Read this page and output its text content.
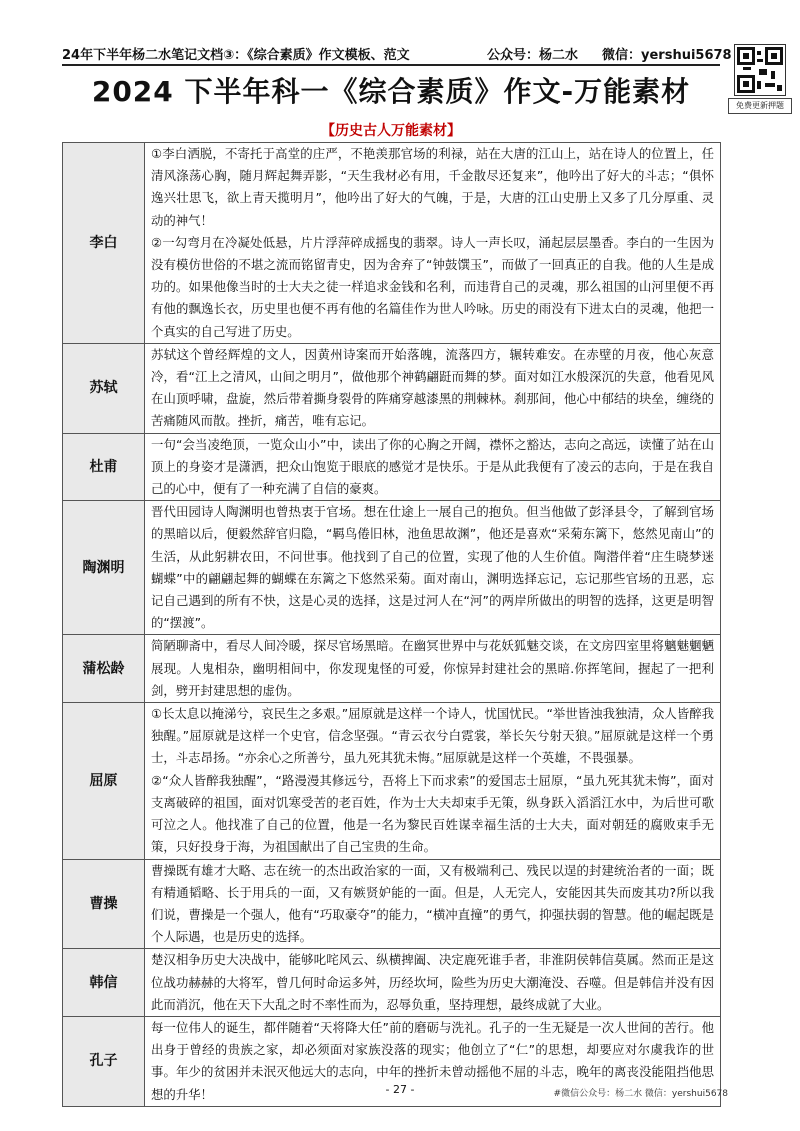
24年下半年杨二水笔记文档③：《综合素质》作文模板、范文	公众号：杨二水 微信：yershui5678
免费更新押题
2024 下半年科一《综合素质》作文-万能素材
【历史古人万能素材】
李白	①李白洒脱，不寄托于高堂的庄严，不艳羡那官场的利禄，站在大唐的江山上，站在诗人的位置上，任清风涤荡心胸，随月辉起舞弄影，“天生我材必有用，千金散尽还复来”，他吟出了好大的斗志；“俱怀逸兴壮思飞，欲上青天揽明月”，他吟出了好大的气魄，于是，大唐的江山史册上又多了几分厚重、灵动的神气！

②一勾弯月在冷凝处低悬，片片浮萍碎成摇曳的翡翠。诗人一声长叹，涌起层层墨香。李白的一生因为没有模仿世俗的不堪之流而铭留青史，因为舍弃了“钟鼓馔玉”，而做了一回真正的自我。他的人生是成功的。如果他像当时的士大夫之徒一样追求金钱和名利，而违背自己的灵魂，那么祖国的山河里便不再有他的飘逸长衣，历史里也便不再有他的名篇佳作为世人吟咏。历史的雨没有下进太白的灵魂，他把一个真实的自己写进了历史。

苏轼	苏轼这个曾经辉煌的文人，因黄州诗案而开始落魄，流落四方，辗转难安。在赤壁的月夜，他心灰意冷，看“江上之清风，山间之明月”，做他那个神鹤翩跹而舞的梦。面对如江水般深沉的失意，他看见风在山顶呼啸，盘旋，然后带着撕身裂骨的阵痛穿越漆黑的荆棘林。刹那间，他心中郁结的块垒，缠绕的苦痛随风而散。挫折，痛苦，唯有忘记。

杜甫	一句“会当凌绝顶，一览众山小”中，读出了你的心胸之开阔，襟怀之豁达，志向之高远，读懂了站在山顶上的身姿才是潇洒，把众山饱览于眼底的感觉才是快乐。于是从此我便有了凌云的志向，于是在我自己的心中，便有了一种充满了自信的豪爽。

陶渊明	晋代田园诗人陶渊明也曾热衷于官场。想在仕途上一展自己的抱负。但当他做了彭泽县令，了解到官场的黑暗以后，便毅然辞官归隐，“羁鸟倦旧林，池鱼思故渊”，他还是喜欢“采菊东篱下，悠然见南山”的生活，从此躬耕农田，不问世事。他找到了自己的位置，实现了他的人生价值。陶潜伴着“庄生晓梦迷蝴蝶”中的翩翩起舞的蝴蝶在东篱之下悠然采菊。面对南山，渊明选择忘记，忘记那些官场的丑恶，忘记自己遇到的所有不快，这是心灵的选择，这是过河人在“河”的两岸所做出的明智的选择，这更是明智的“摆渡”。

蒲松龄	简陋聊斋中，看尽人间冷暖，探尽官场黑暗。在幽冥世界中与花妖狐魅交谈，在文房四室里将魑魅魍魉展现。人鬼相杂，幽明相间中，你发现鬼怪的可爱，你惊异封建社会的黑暗.你挥笔间，握起了一把利剑，劈开封建思想的虚伪。

屈原	①长太息以掩涕兮，哀民生之多艰。”屈原就是这样一个诗人，忧国忧民。“举世皆浊我独清，众人皆醉我独醒。”屈原就是这样一个史官，信念坚强。“青云衣兮白霓裳，举长矢兮射天狼。”屈原就是这样一个勇士，斗志昂扬。“亦余心之所善兮，虽九死其犹未悔。”屈原就是这样一个英雄，不畏强暴。

②“众人皆醉我独醒”，“路漫漫其修远兮，吾将上下而求索”的爱国志士屈原，“虽九死其犹未悔”，面对支离破碎的祖国，面对饥寒受苦的老百姓，作为士大夫却束手无策，纵身跃入滔滔江水中，为后世可歌可泣之人。他找准了自己的位置，他是一名为黎民百姓谋幸福生活的士大夫，面对朝廷的腐败束手无策，只好投身于海，为祖国献出了自己宝贵的生命。

曹操	曹操既有雄才大略、志在统一的杰出政治家的一面，又有极端利己、残民以逞的封建统治者的一面；既有精通韬略、长于用兵的一面，又有嫉贤妒能的一面。但是，人无完人，安能因其失而废其功?所以我们说，曹操是一个强人，他有“巧取豪夺”的能力，“横冲直撞”的勇气，抑强扶弱的智慧。他的崛起既是个人际遇，也是历史的选择。

韩信	楚汉相争历史大决战中，能够叱咤风云、纵横捭阖、决定鹿死谁手者，非淮阴侯韩信莫属。然而正是这位战功赫赫的大将军，曾几何时命运多舛，历经坎坷，险些为历史大潮淹没、吞噬。但是韩信并没有因此而消沉，他在天下大乱之时不率性而为，忍辱负重，坚持理想，最终成就了大业。

孔子	每一位伟人的诞生，都伴随着“天将降大任”前的磨砺与洗礼。孔子的一生无疑是一次人世间的苦行。他出身于曾经的贵族之家，却必须面对家族没落的现实；他创立了“仁”的思想，却要应对尔虞我诈的世事。年少的贫困并未泯灭他远大的志向，中年的挫折未曾动摇他不屈的斗志，晚年的离丧没能阻挡他思想的升华！	- 27 -	#微信公众号：杨二水 微信：yershui5678
